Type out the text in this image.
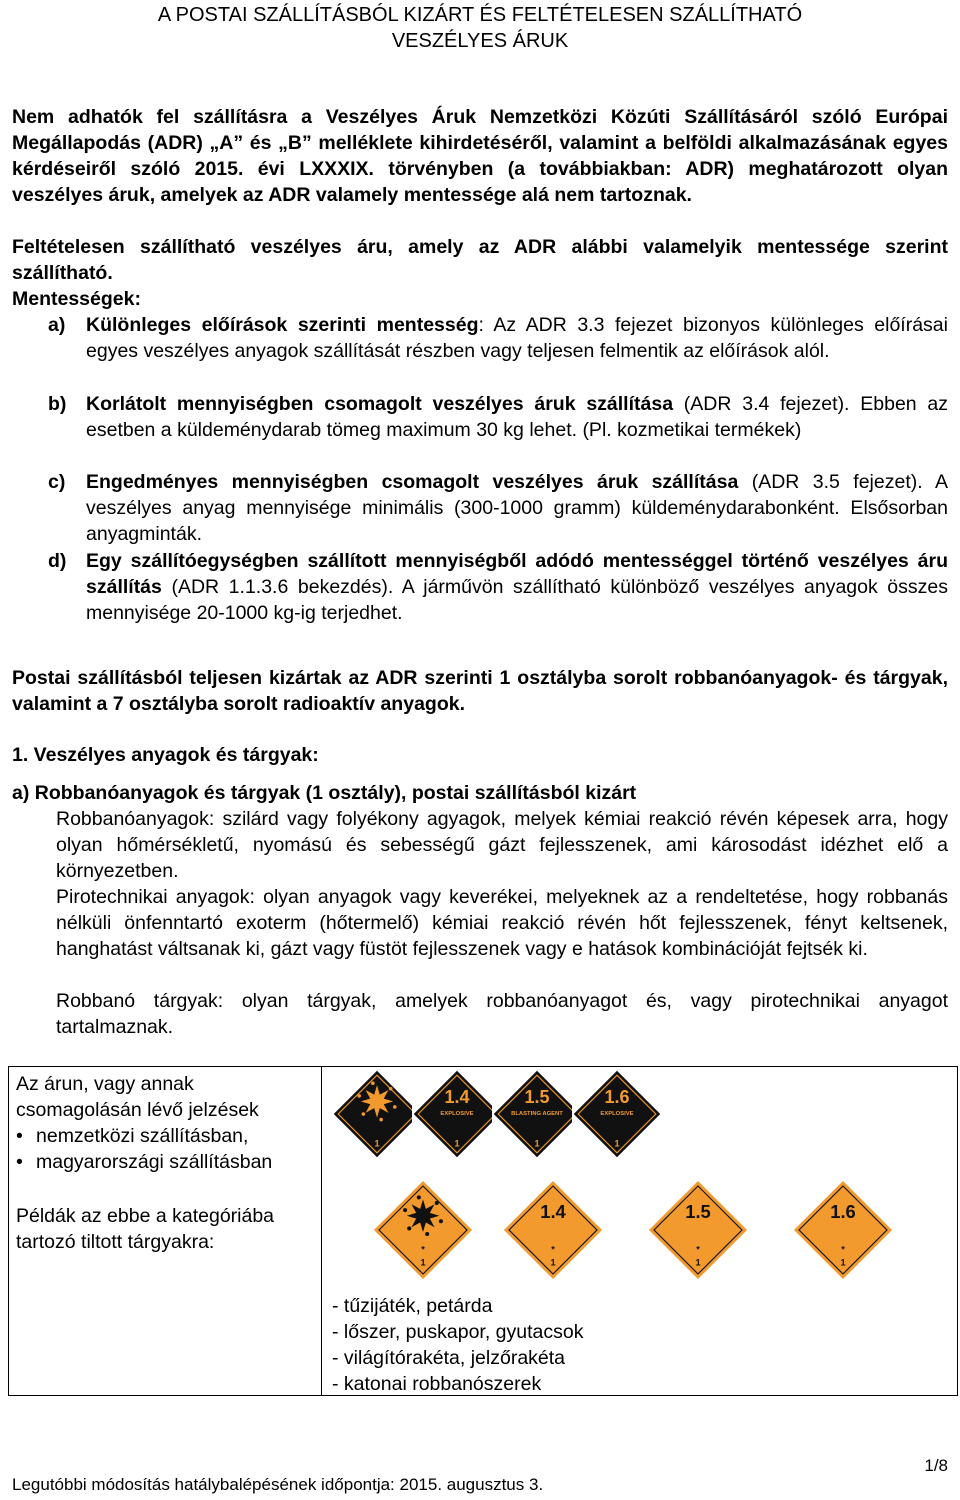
A POSTAI SZÁLLÍTÁSBÓL KIZÁRT ÉS FELTÉTELESEN SZÁLLÍTHATÓ
VESZÉLYES ÁRUK
Nem adhatók fel szállításra a Veszélyes Áruk Nemzetközi Közúti Szállításáról szóló Európai Megállapodás (ADR) „A” és „B” melléklete kihirdetéséről, valamint a belföldi alkalmazásának egyes kérdéseiről szóló 2015. évi LXXXIX. törvényben (a továbbiakban: ADR) meghatározott olyan veszélyes áruk, amelyek az ADR valamely mentessége alá nem tartoznak.
Feltételesen szállítható veszélyes áru, amely az ADR alábbi valamelyik mentessége szerint szállítható.
Mentességek:
a) Különleges előírások szerinti mentesség: Az ADR 3.3 fejezet bizonyos különleges előírásai egyes veszélyes anyagok szállítását részben vagy teljesen felmentik az előírások alól.
b) Korlátolt mennyiségben csomagolt veszélyes áruk szállítása (ADR 3.4 fejezet). Ebben az esetben a küldeménydarab tömeg maximum 30 kg lehet. (Pl. kozmetikai termékek)
c) Engedményes mennyiségben csomagolt veszélyes áruk szállítása (ADR 3.5 fejezet). A veszélyes anyag mennyisége minimális (300-1000 gramm) küldeménydarabonként. Elsősorban anyagminták.
d) Egy szállítóegységben szállított mennyiségből adódó mentességgel történő veszélyes áru szállítás (ADR 1.1.3.6 bekezdés). A járművön szállítható különböző veszélyes anyagok összes mennyisége 20-1000 kg-ig terjedhet.
Postai szállításból teljesen kizártak az ADR szerinti 1 osztályba sorolt robbanóanyagok- és tárgyak, valamint a 7 osztályba sorolt radioaktív anyagok.
1. Veszélyes anyagok és tárgyak:
a) Robbanóanyagok és tárgyak (1 osztály), postai szállításból kizárt
Robbanóanyagok: szilárd vagy folyékony agyagok, melyek kémiai reakció révén képesek arra, hogy olyan hőmérsékletű, nyomású és sebességű gázt fejlesszenek, ami károsodást idézhet elő a környezetben.
Pirotechnikai anyagok: olyan anyagok vagy keverékei, melyeknek az a rendeltetése, hogy robbanás nélküli önfenntartó exoterm (hőtermelő) kémiai reakció révén hőt fejlesszenek, fényt keltsenek, hanghatást váltsanak ki, gázt vagy füstöt fejlesszenek vagy e hatások kombinációját fejtsék ki.
Robbanó tárgyak: olyan tárgyak, amelyek robbanóanyagot és, vagy pirotechnikai anyagot tartalmaznak.
Az árun, vagy annak csomagolásán lévő jelzések
• nemzetközi szállításban,
• magyarországi szállításban
Példák az ebbe a kategóriába tartozó tiltott tárgyakra:

1
1.4
EXPLOSIVE
1
1.5
BLASTING AGENT
1
1.6
EXPLOSIVE
1
*
1
1.4
*
1
1.5
*
1
1.6
*
1
- tűzijáték, petárda
- lőszer, puskapor, gyutacsok
- világítórakéta, jelzőrakéta
- katonai robbanószerek
1/8
Legutóbbi módosítás hatálybalépésének időpontja: 2015. augusztus 3.
